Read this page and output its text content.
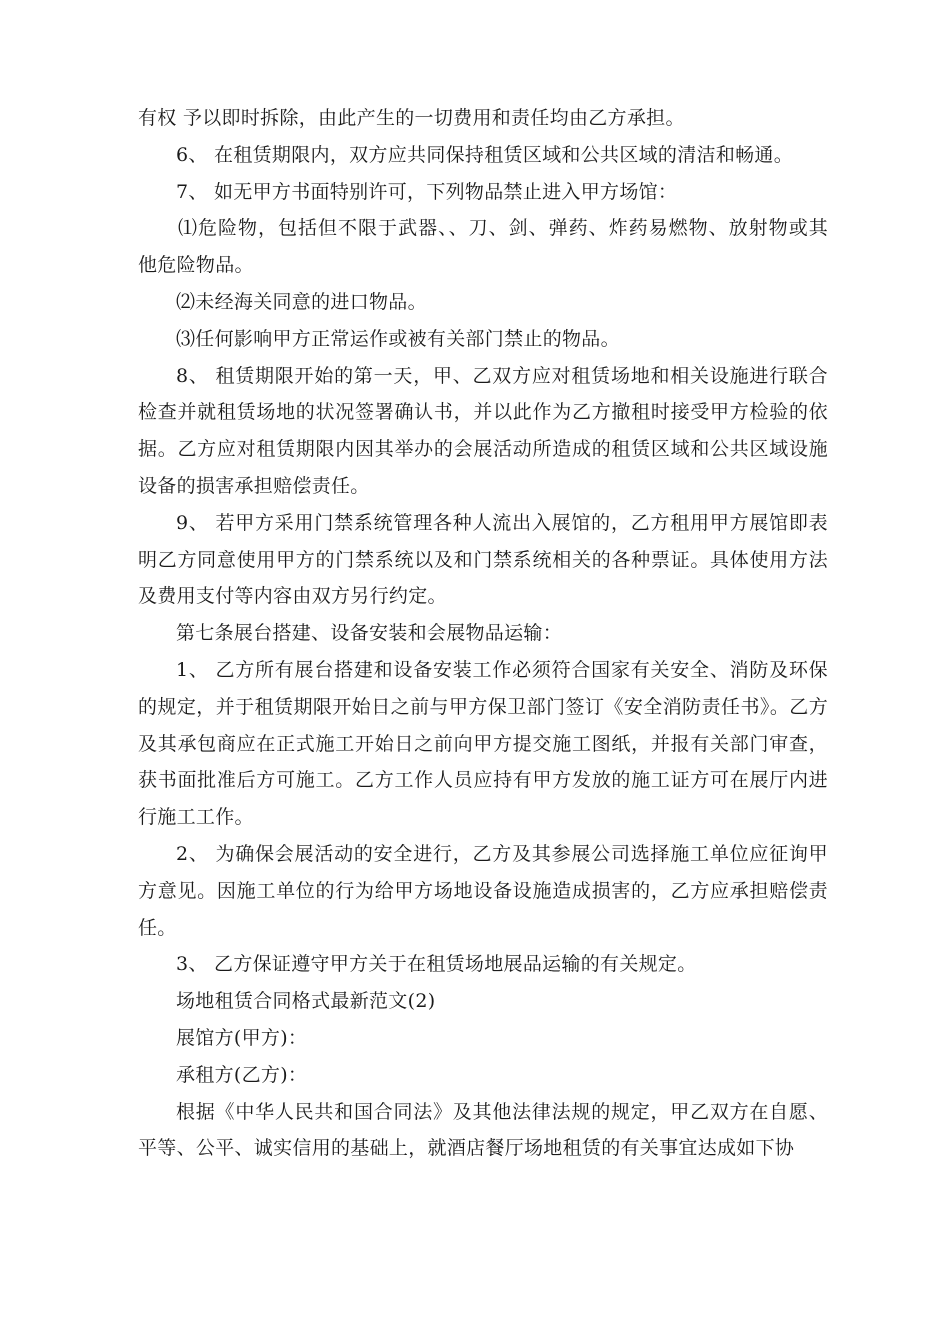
有权 予以即时拆除，由此产生的一切费用和责任均由乙方承担。

6、 在租赁期限内，双方应共同保持租赁区域和公共区域的清洁和畅通。

7、 如无甲方书面特别许可，下列物品禁止进入甲方场馆：

⑴危险物，包括但不限于武器、、刀、剑、弹药、炸药易燃物、放射物或其 他危险物品。

⑵未经海关同意的进口物品。

⑶任何影响甲方正常运作或被有关部门禁止的物品。

8、 租赁期限开始的第一天，甲、乙双方应对租赁场地和相关设施进行联合检查并就租赁场地的状况签署确认书，并以此作为乙方撤租时接受甲方检验的依据。乙方应对租赁期限内因其举办的会展活动所造成的租赁区域和公共区域设施设备的损害承担赔偿责任。

9、 若甲方采用门禁系统管理各种人流出入展馆的，乙方租用甲方展馆即表明乙方同意使用甲方的门禁系统以及和门禁系统相关的各种票证。具体使用方法及费用支付等内容由双方另行约定。

第七条展台搭建、设备安装和会展物品运输：

1、 乙方所有展台搭建和设备安装工作必须符合国家有关安全、消防及环保的规定，并于租赁期限开始日之前与甲方保卫部门签订《安全消防责任书》。乙方及其承包商应在正式施工开始日之前向甲方提交施工图纸，并报有关部门审查，获书面批准后方可施工。乙方工作人员应持有甲方发放的施工证方可在展厅内进行施工工作。

2、 为确保会展活动的安全进行，乙方及其参展公司选择施工单位应征询甲方意见。因施工单位的行为给甲方场地设备设施造成损害的，乙方应承担赔偿责任。

3、 乙方保证遵守甲方关于在租赁场地展品运输的有关规定。

场地租赁合同格式最新范文(2)

展馆方(甲方)：

承租方(乙方)：

根据《中华人民共和国合同法》及其他法律法规的规定，甲乙双方在自愿、平等、公平、诚实信用的基础上，就酒店餐厅场地租赁的有关事宜达成如下协
